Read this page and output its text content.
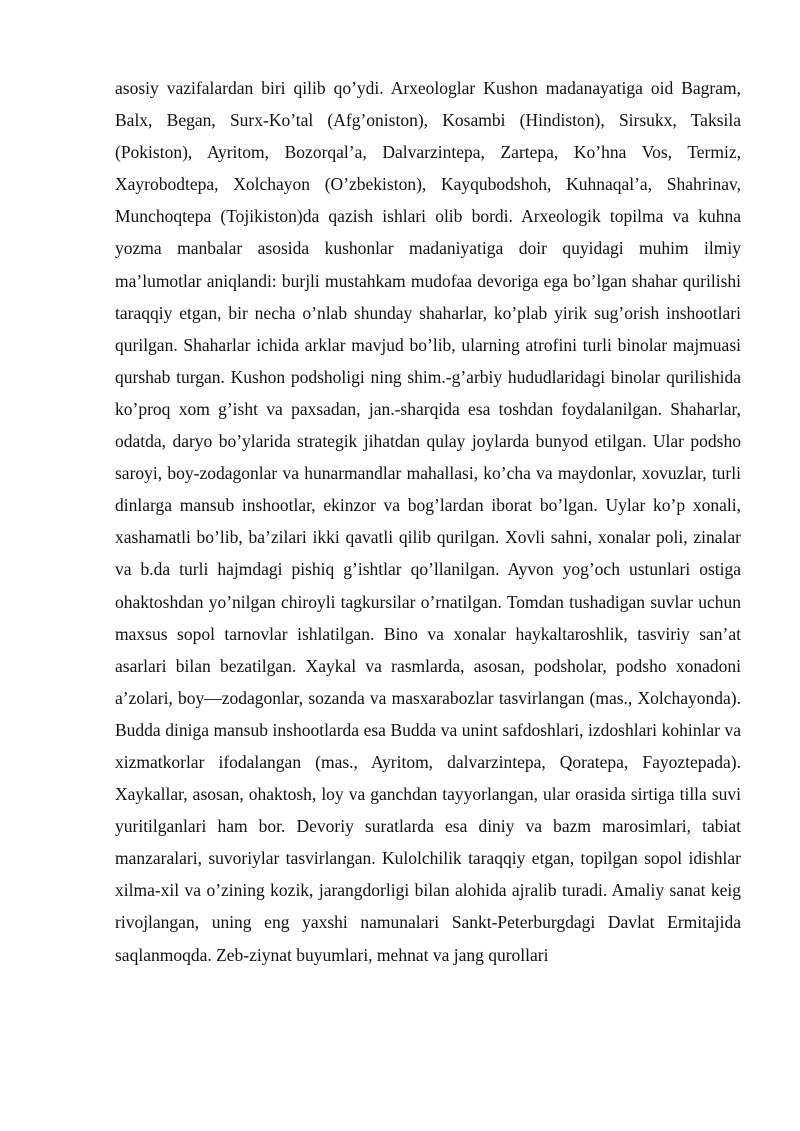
asosiy vazifalardan biri qilib qo’ydi. Arxeologlar Kushon madanayatiga oid Bagram, Balx, Began, Surx-Ko’tal (Afg’oniston), Kosambi (Hindiston), Sirsukx, Taksila (Pokiston), Ayritom, Bozorqal’a, Dalvarzintepa, Zartepa, Ko’hna Vos, Termiz, Xayrobodtepa, Xolchayon (O’zbekiston), Kayqubodshoh, Kuhnaqal’a, Shahrinav, Munchoqtepa (Tojikiston)da qazish ishlari olib bordi. Arxeologik topilma va kuhna yozma manbalar asosida kushonlar madaniyatiga doir quyidagi muhim ilmiy ma’lumotlar aniqlandi: burjli mustahkam mudofaa devoriga ega bo’lgan shahar qurilishi taraqqiy etgan, bir necha o’nlab shunday shaharlar, ko’plab yirik sug’orish inshootlari qurilgan. Shaharlar ichida arklar mavjud bo’lib, ularning atrofini turli binolar majmuasi qurshab turgan. Kushon podsholigi ning shim.-g’arbiy hududlaridagi binolar qurilishida ko’proq xom g’isht va paxsadan, jan.-sharqida esa toshdan foydalanilgan. Shaharlar, odatda, daryo bo’ylarida strategik jihatdan qulay joylarda bunyod etilgan. Ular podsho saroyi, boy-zodagonlar va hunarmandlar mahallasi, ko’cha va maydonlar, xovuzlar, turli dinlarga mansub inshootlar, ekinzor va bog’lardan iborat bo’lgan. Uylar ko’p xonali, xashamatli bo’lib, ba’zilari ikki qavatli qilib qurilgan. Xovli sahni, xonalar poli, zinalar va b.da turli hajmdagi pishiq g’ishtlar qo’llanilgan. Ayvon yog’och ustunlari ostiga ohaktoshdan yo’nilgan chiroyli tagkursilar o’rnatilgan. Tomdan tushadigan suvlar uchun maxsus sopol tarnovlar ishlatilgan. Bino va xonalar haykaltaroshlik, tasviriy san’at asarlari bilan bezatilgan. Xaykal va rasmlarda, asosan, podsholar, podsho xonadoni a’zolari, boy—zodagonlar, sozanda va masxarabozlar tasvirlangan (mas., Xolchayonda). Budda diniga mansub inshootlarda esa Budda va unint safdoshlari, izdoshlari kohinlar va xizmatkorlar ifodalangan (mas., Ayritom, dalvarzintepa, Qoratepa, Fayoztepada). Xaykallar, asosan, ohaktosh, loy va ganchdan tayyorlangan, ular orasida sirtiga tilla suvi yuritilganlari ham bor. Devoriy suratlarda esa diniy va bazm marosimlari, tabiat manzaralari, suvoriylar tasvirlangan. Kulolchilik taraqqiy etgan, topilgan sopol idishlar xilma-xil va o’zining kozik, jarangdorligi bilan alohida ajralib turadi. Amaliy sanat keig rivojlangan, uning eng yaxshi namunalari Sankt-Peterburgdagi Davlat Ermitajida saqlanmoqda. Zeb-ziynat buyumlari, mehnat va jang qurollari
